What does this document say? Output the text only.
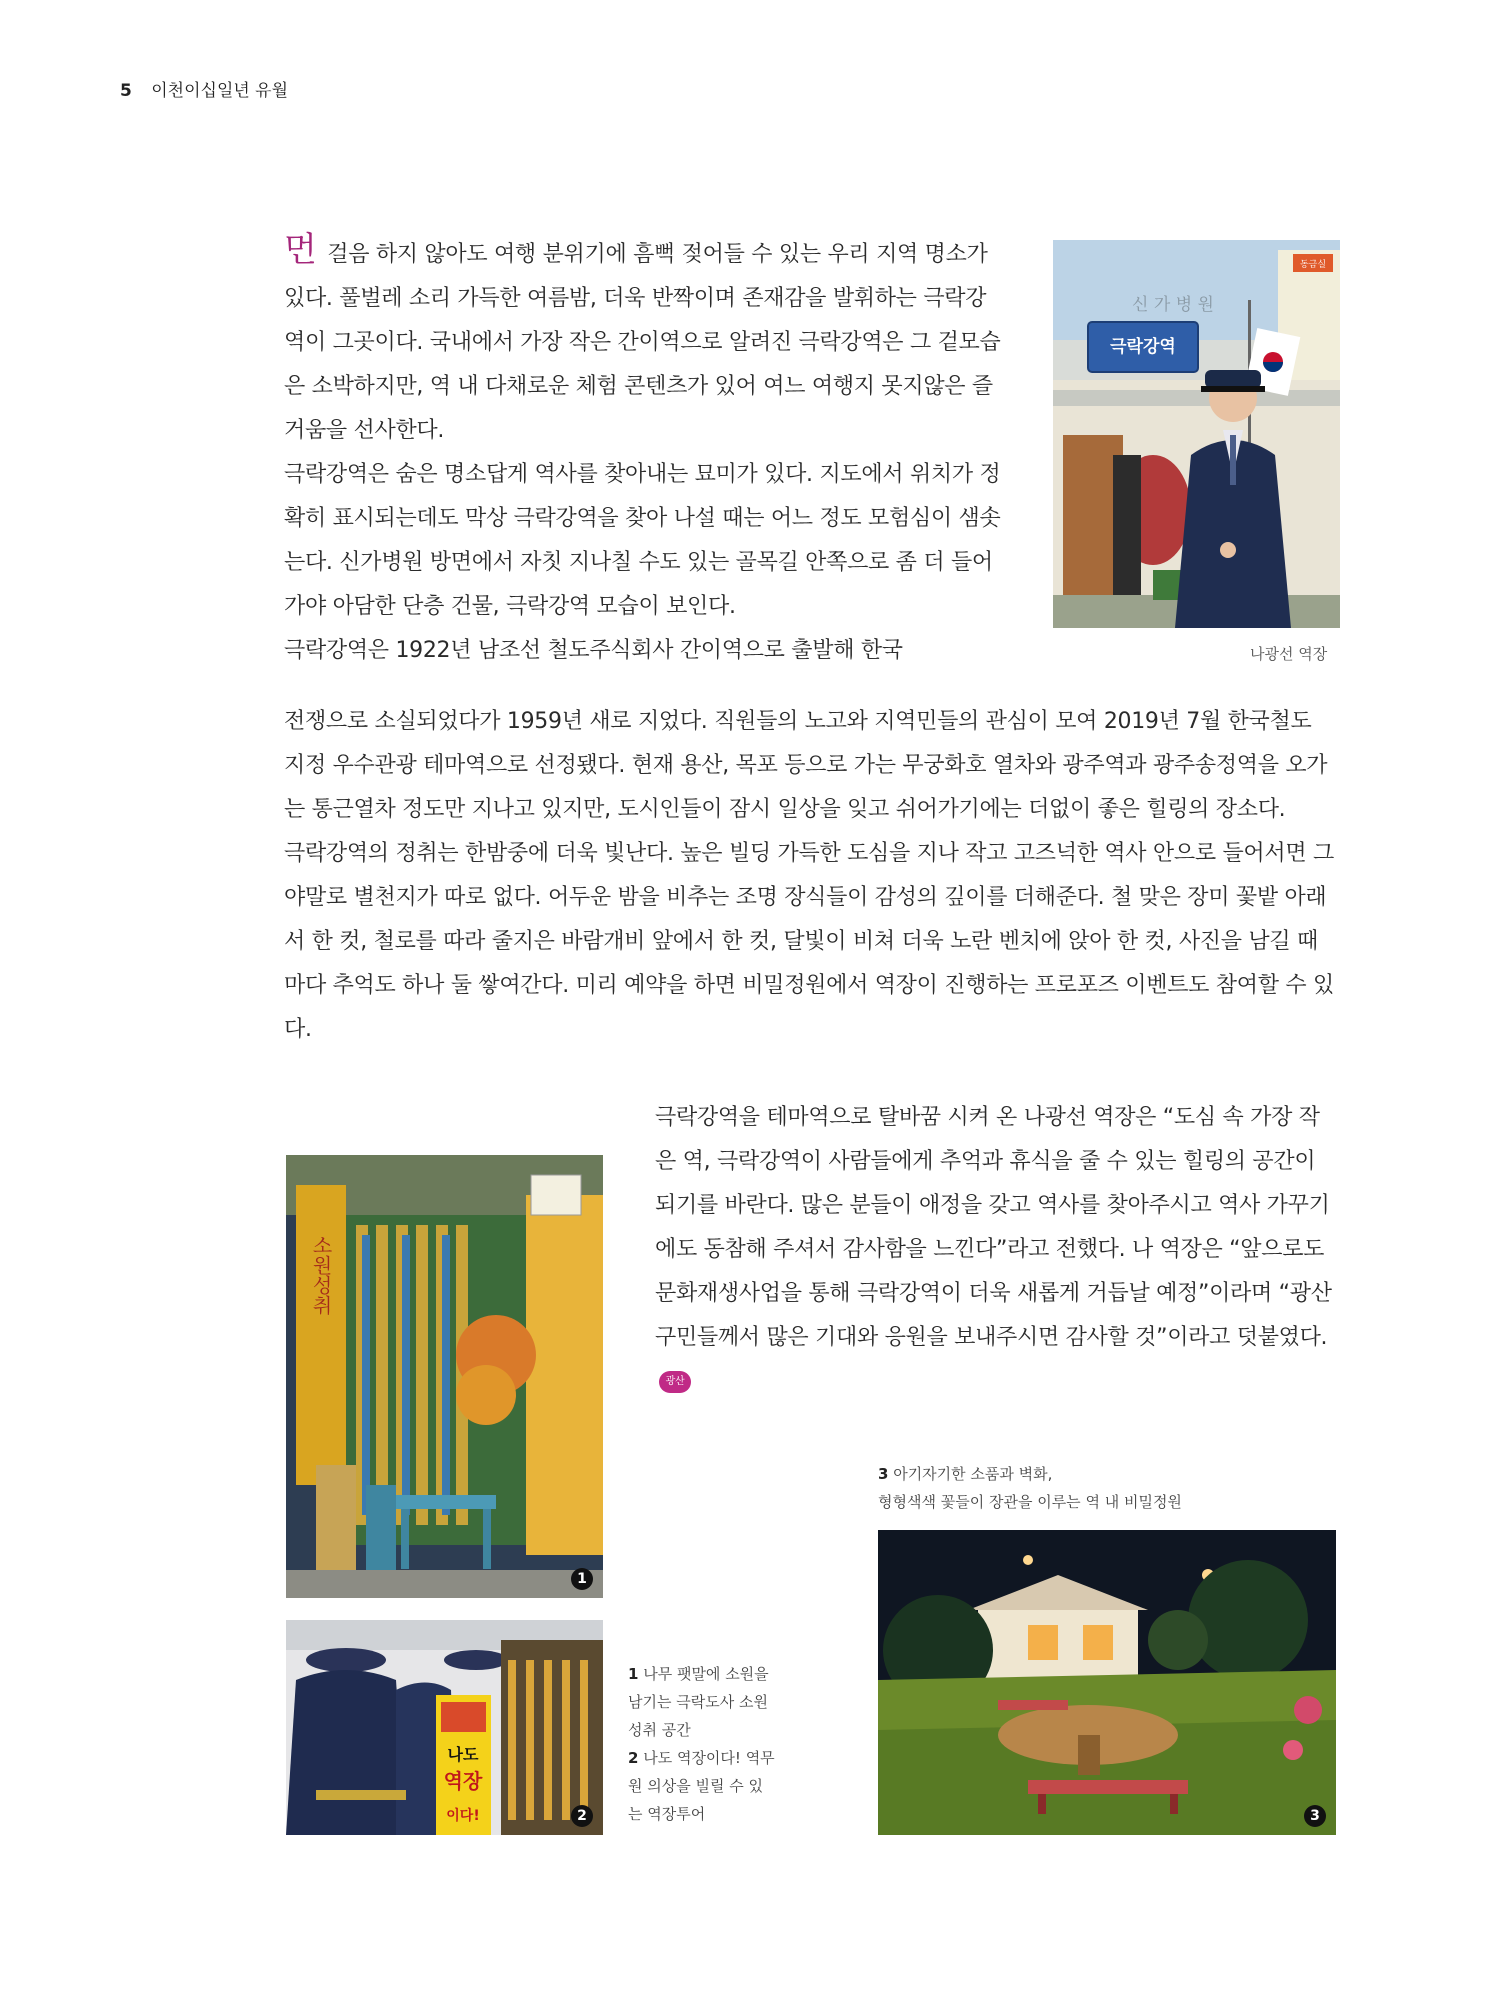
5 이천이십일년 유월

먼 걸음 하지 않아도 여행 분위기에 흠뻑 젖어들 수 있는 우리 지역 명소가 있다. 풀벌레 소리 가득한 여름밤, 더욱 반짝이며 존재감을 발휘하는 극락강역이 그곳이다. 국내에서 가장 작은 간이역으로 알려진 극락강역은 그 겉모습은 소박하지만, 역 내 다채로운 체험 콘텐츠가 있어 여느 여행지 못지않은 즐거움을 선사한다.

극락강역은 숨은 명소답게 역사를 찾아내는 묘미가 있다. 지도에서 위치가 정확히 표시되는데도 막상 극락강역을 찾아 나설 때는 어느 정도 모험심이 샘솟는다. 신가병원 방면에서 자칫 지나칠 수도 있는 골목길 안쪽으로 좀 더 들어가야 아담한 단층 건물, 극락강역 모습이 보인다.

극락강역은 1922년 남조선 철도주식회사 간이역으로 출발해 한국

동금실
신 가 병 원
극락강역
나광선 역장

전쟁으로 소실되었다가 1959년 새로 지었다. 직원들의 노고와 지역민들의 관심이 모여 2019년 7월 한국철도 지정 우수관광 테마역으로 선정됐다. 현재 용산, 목포 등으로 가는 무궁화호 열차와 광주역과 광주송정역을 오가는 통근열차 정도만 지나고 있지만, 도시인들이 잠시 일상을 잊고 쉬어가기에는 더없이 좋은 힐링의 장소다.

극락강역의 정취는 한밤중에 더욱 빛난다. 높은 빌딩 가득한 도심을 지나 작고 고즈넉한 역사 안으로 들어서면 그야말로 별천지가 따로 없다. 어두운 밤을 비추는 조명 장식들이 감성의 깊이를 더해준다. 철 맞은 장미 꽃밭 아래서 한 컷, 철로를 따라 줄지은 바람개비 앞에서 한 컷, 달빛이 비쳐 더욱 노란 벤치에 앉아 한 컷, 사진을 남길 때마다 추억도 하나 둘 쌓여간다. 미리 예약을 하면 비밀정원에서 역장이 진행하는 프로포즈 이벤트도 참여할 수 있다.

극락강역을 테마역으로 탈바꿈 시켜 온 나광선 역장은 “도심 속 가장 작은 역, 극락강역이 사람들에게 추억과 휴식을 줄 수 있는 힐링의 공간이 되기를 바란다. 많은 분들이 애정을 갖고 역사를 찾아주시고 역사 가꾸기에도 동참해 주셔서 감사함을 느낀다”라고 전했다. 나 역장은 “앞으로도 문화재생사업을 통해 극락강역이 더욱 새롭게 거듭날 예정”이라며 “광산구민들께서 많은 기대와 응원을 보내주시면 감사할 것”이라고 덧붙였다.광산

소원성취
1
나도
역장
이다!	2
1 나무 팻말에 소원을
남기는 극락도사 소원
성취 공간
2 나도 역장이다! 역무
원 의상을 빌릴 수 있
는 역장투어
3 아기자기한 소품과 벽화,
형형색색 꽃들이 장관을 이루는 역 내 비밀정원
3
